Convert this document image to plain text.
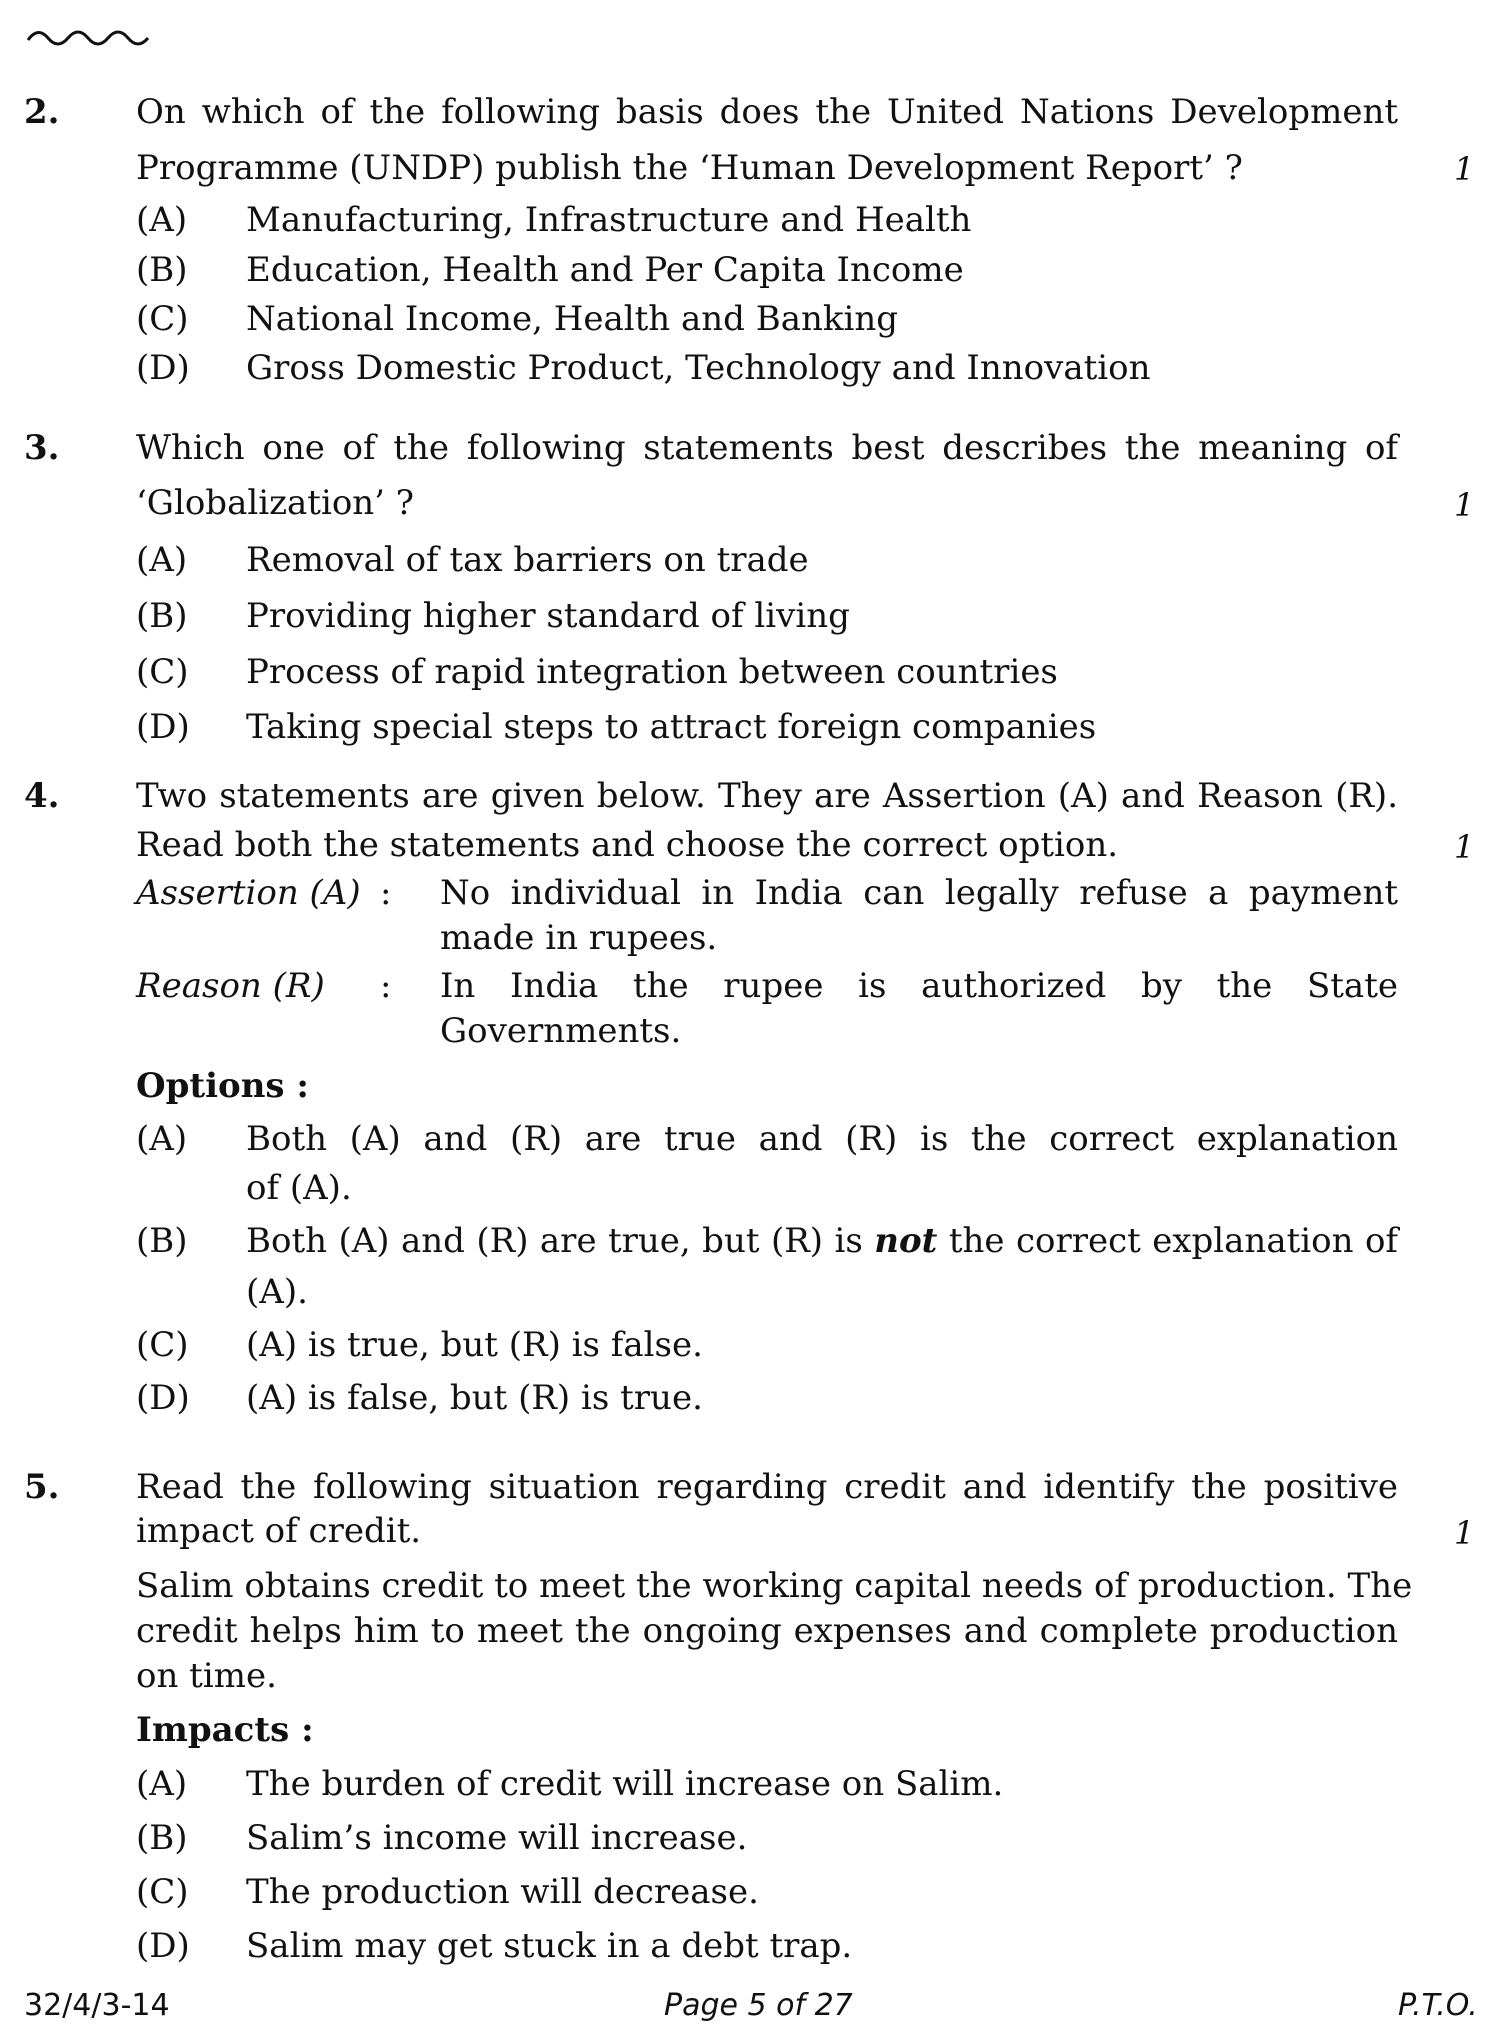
2. On which of the following basis does the United Nations Development
Programme (UNDP) publish the ‘Human Development Report’ ?	1
(A) Manufacturing, Infrastructure and Health
(B) Education, Health and Per Capita Income
(C) National Income, Health and Banking
(D) Gross Domestic Product, Technology and Innovation
3. Which one of the following statements best describes the meaning of
‘Globalization’ ?	1
(A) Removal of tax barriers on trade
(B) Providing higher standard of living
(C) Process of rapid integration between countries
(D) Taking special steps to attract foreign companies
4. Two statements are given below. They are Assertion (A) and Reason (R).
Read both the statements and choose the correct option.	1
Assertion (A) : No individual in India can legally refuse a payment
made in rupees.
Reason (R) : In India the rupee is authorized by the State
Governments.
Options :
(A) Both (A) and (R) are true and (R) is the correct explanation
of (A).
(B) Both (A) and (R) are true, but (R) is not the correct explanation of
(A).
(C) (A) is true, but (R) is false.
(D) (A) is false, but (R) is true.
5. Read the following situation regarding credit and identify the positive
impact of credit.	1
Salim obtains credit to meet the working capital needs of production. The
credit helps him to meet the ongoing expenses and complete production
on time.
Impacts :
(A) The burden of credit will increase on Salim.
(B) Salim’s income will increase.
(C) The production will decrease.
(D) Salim may get stuck in a debt trap.
32/4/3-14	Page 5 of 27	P.T.O.
